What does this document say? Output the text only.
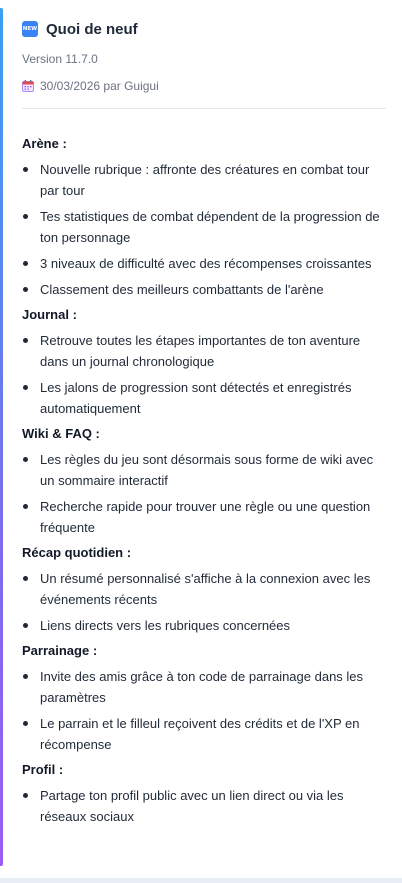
NEW Quoi de neuf
Version 11.7.0
30/03/2026 par Guigui
Arène :
Nouvelle rubrique : affronte des créatures en combat tour par tour
Tes statistiques de combat dépendent de la progression de ton personnage
3 niveaux de difficulté avec des récompenses croissantes
Classement des meilleurs combattants de l'arène
Journal :
Retrouve toutes les étapes importantes de ton aventure dans un journal chronologique
Les jalons de progression sont détectés et enregistrés automatiquement
Wiki & FAQ :
Les règles du jeu sont désormais sous forme de wiki avec un sommaire interactif
Recherche rapide pour trouver une règle ou une question fréquente
Récap quotidien :
Un résumé personnalisé s'affiche à la connexion avec les événements récents
Liens directs vers les rubriques concernées
Parrainage :
Invite des amis grâce à ton code de parrainage dans les paramètres
Le parrain et le filleul reçoivent des crédits et de l'XP en récompense
Profil :
Partage ton profil public avec un lien direct ou via les réseaux sociaux
